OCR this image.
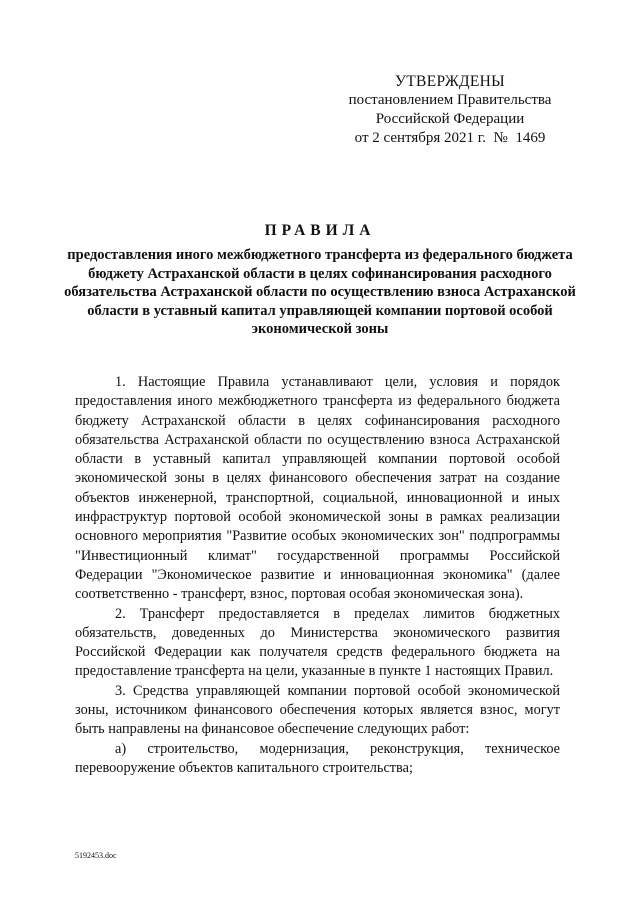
УТВЕРЖДЕНЫ
постановлением Правительства
Российской Федерации
от 2 сентября 2021 г.  №  1469
ПРАВИЛА
предоставления иного межбюджетного трансферта из федерального бюджета бюджету Астраханской области в целях софинансирования расходного обязательства Астраханской области по осуществлению взноса Астраханской области в уставный капитал управляющей компании портовой особой экономической зоны

1. Настоящие Правила устанавливают цели, условия и порядок предоставления иного межбюджетного трансферта из федерального бюджета бюджету Астраханской области в целях софинансирования расходного обязательства Астраханской области по осуществлению взноса Астраханской области в уставный капитал управляющей компании портовой особой экономической зоны в целях финансового обеспечения затрат на создание объектов инженерной, транспортной, социальной, инновационной и иных инфраструктур портовой особой экономической зоны в рамках реализации основного мероприятия "Развитие особых экономических зон" подпрограммы "Инвестиционный климат" государственной программы Российской Федерации "Экономическое развитие и инновационная экономика" (далее соответственно - трансферт, взнос, портовая особая экономическая зона).

2. Трансферт предоставляется в пределах лимитов бюджетных обязательств, доведенных до Министерства экономического развития Российской Федерации как получателя средств федерального бюджета на предоставление трансферта на цели, указанные в пункте 1 настоящих Правил.

3. Средства управляющей компании портовой особой экономической зоны, источником финансового обеспечения которых является взнос, могут быть направлены на финансовое обеспечение следующих работ:

а) строительство, модернизация, реконструкция, техническое перевооружение объектов капитального строительства;

5192453.doc
